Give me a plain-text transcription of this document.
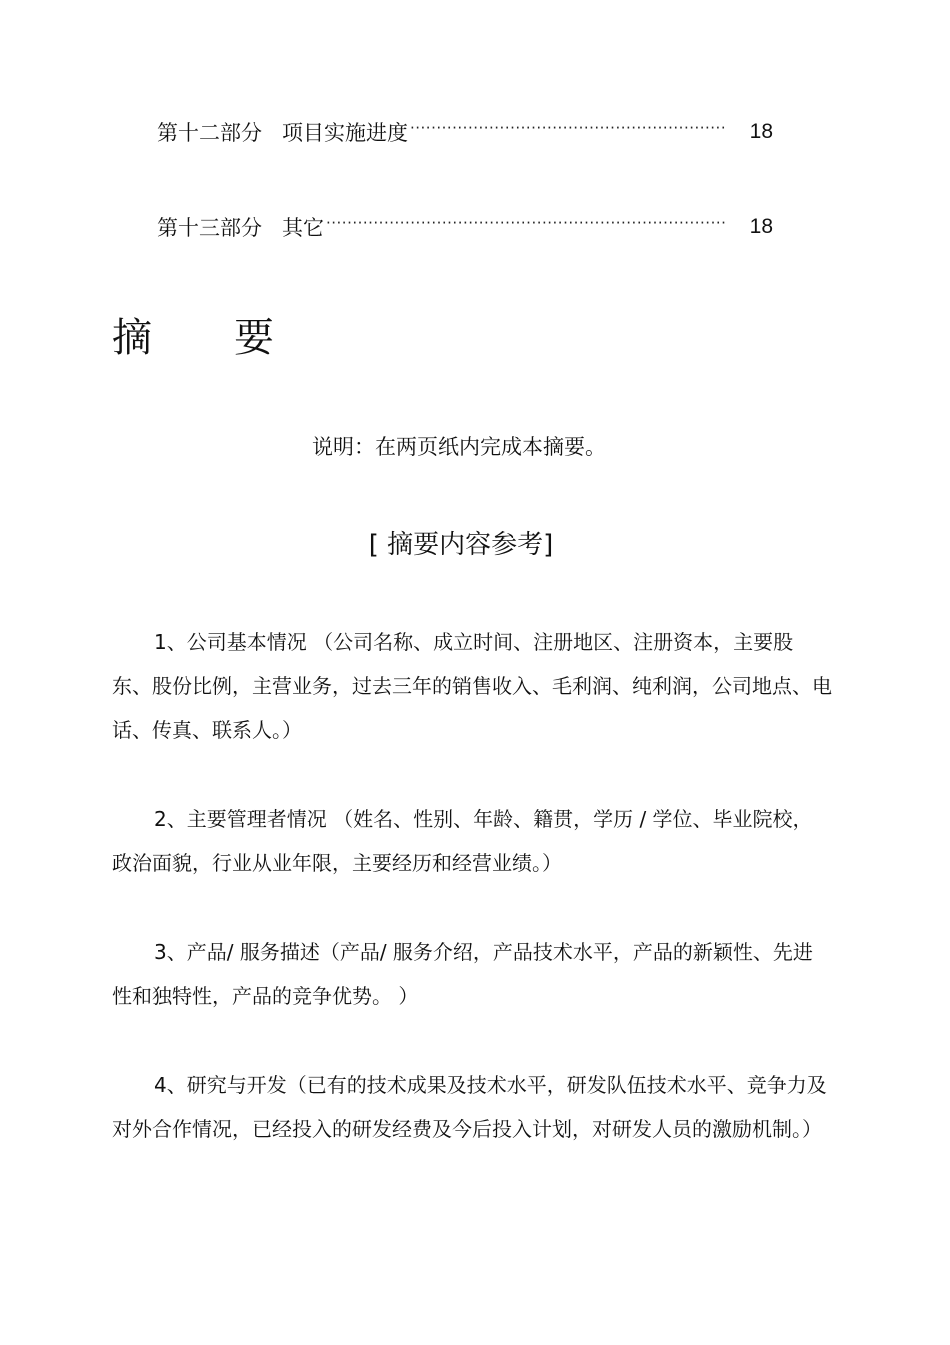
第十二部分 项目实施进度 ·····	18
第十三部分 其它 ·····	18
摘要
说明：在两页纸内完成本摘要。
[ 摘要内容参考]

1、公司基本情况 （公司名称、成立时间、注册地区、注册资本，主要股东、股份比例，主营业务，过去三年的销售收入、毛利润、纯利润，公司地点、电话、传真、联系人。）

2、主要管理者情况 （姓名、性别、年龄、籍贯，学历 / 学位、毕业院校，政治面貌，行业从业年限，主要经历和经营业绩。）

3、产品/ 服务描述（产品/ 服务介绍，产品技术水平，产品的新颖性、先进性和独特性，产品的竞争优势。 ）

4、研究与开发（已有的技术成果及技术水平，研发队伍技术水平、竞争力及对外合作情况，已经投入的研发经费及今后投入计划，对研发人员的激励机制。）
